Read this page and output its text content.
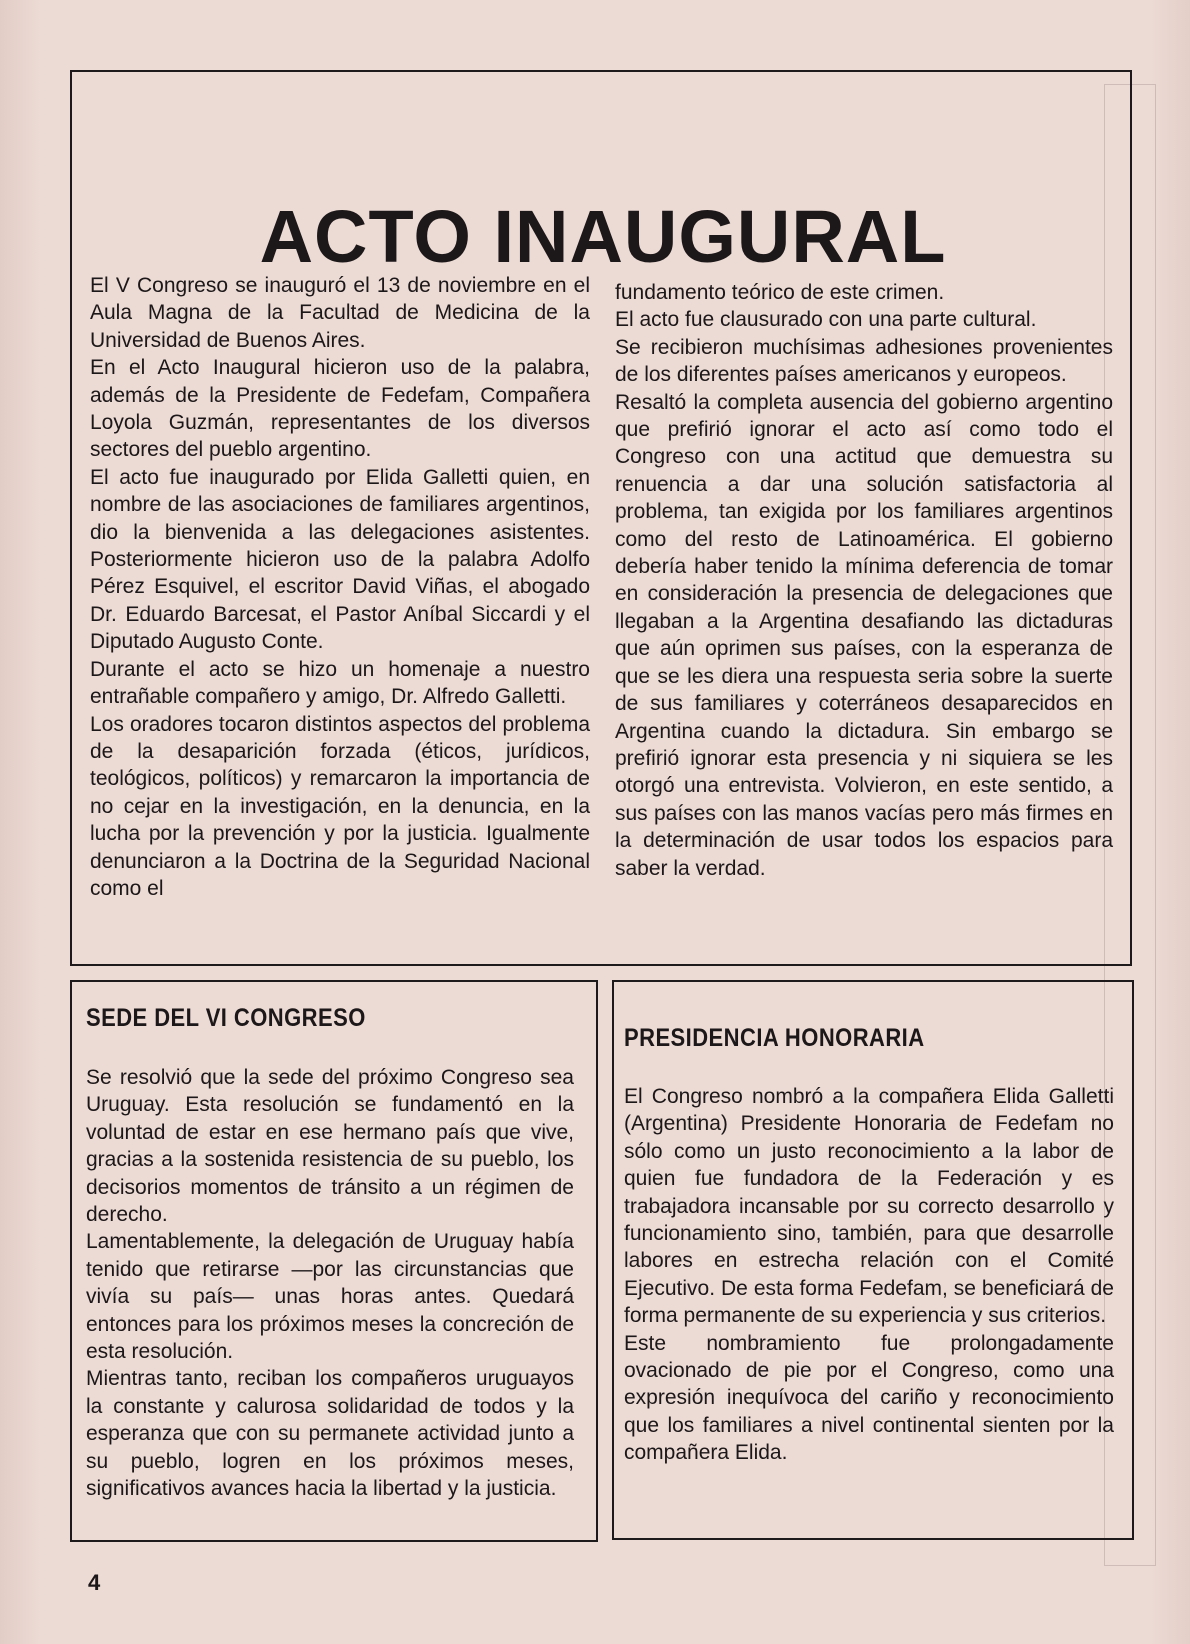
ACTO INAUGURAL

El V Congreso se inauguró el 13 de noviembre en el Aula Magna de la Facultad de Medicina de la Universidad de Buenos Aires.

En el Acto Inaugural hicieron uso de la palabra, además de la Presidente de Fedefam, Compañera Loyola Guzmán, representantes de los diversos sectores del pueblo argentino.

El acto fue inaugurado por Elida Galletti quien, en nombre de las asociaciones de familiares argentinos, dio la bienvenida a las delegaciones asistentes. Posteriormente hicieron uso de la palabra Adolfo Pérez Esquivel, el escritor David Viñas, el abogado Dr. Eduardo Barcesat, el Pastor Aníbal Siccardi y el Diputado Augusto Conte.

Durante el acto se hizo un homenaje a nuestro entrañable compañero y amigo, Dr. Alfredo Galletti.

Los oradores tocaron distintos aspectos del problema de la desaparición forzada (éticos, jurídicos, teológicos, políticos) y remarcaron la importancia de no cejar en la investigación, en la denuncia, en la lucha por la prevención y por la justicia. Igualmente denunciaron a la Doctrina de la Seguridad Nacional como el

fundamento teórico de este crimen.

El acto fue clausurado con una parte cultural.

Se recibieron muchísimas adhesiones provenientes de los diferentes países americanos y europeos.

Resaltó la completa ausencia del gobierno argentino que prefirió ignorar el acto así como todo el Congreso con una actitud que demuestra su renuencia a dar una solución satisfactoria al problema, tan exigida por los familiares argentinos como del resto de Latinoamérica. El gobierno debería haber tenido la mínima deferencia de tomar en consideración la presencia de delegaciones que llegaban a la Argentina desafiando las dictaduras que aún oprimen sus países, con la esperanza de que se les diera una respuesta seria sobre la suerte de sus familiares y coterráneos desaparecidos en Argentina cuando la dictadura. Sin embargo se prefirió ignorar esta presencia y ni siquiera se les otorgó una entrevista. Volvieron, en este sentido, a sus países con las manos vacías pero más firmes en la determinación de usar todos los espacios para saber la verdad.

SEDE DEL VI CONGRESO

Se resolvió que la sede del próximo Congreso sea Uruguay. Esta resolución se fundamentó en la voluntad de estar en ese hermano país que vive, gracias a la sostenida resistencia de su pueblo, los decisorios momentos de tránsito a un régimen de derecho.

Lamentablemente, la delegación de Uruguay había tenido que retirarse —por las circunstancias que vivía su país— unas horas antes. Quedará entonces para los próximos meses la concreción de esta resolución.

Mientras tanto, reciban los compañeros uruguayos la constante y calurosa solidaridad de todos y la esperanza que con su permanete actividad junto a su pueblo, logren en los próximos meses, significativos avances hacia la libertad y la justicia.

PRESIDENCIA HONORARIA

El Congreso nombró a la compañera Elida Galletti (Argentina) Presidente Honoraria de Fedefam no sólo como un justo reconocimiento a la labor de quien fue fundadora de la Federación y es trabajadora incansable por su correcto desarrollo y funcionamiento sino, también, para que desarrolle labores en estrecha relación con el Comité Ejecutivo. De esta forma Fedefam, se beneficiará de forma permanente de su experiencia y sus criterios.

Este nombramiento fue prolongadamente ovacionado de pie por el Congreso, como una expresión inequívoca del cariño y reconocimiento que los familiares a nivel continental sienten por la compañera Elida.

4
